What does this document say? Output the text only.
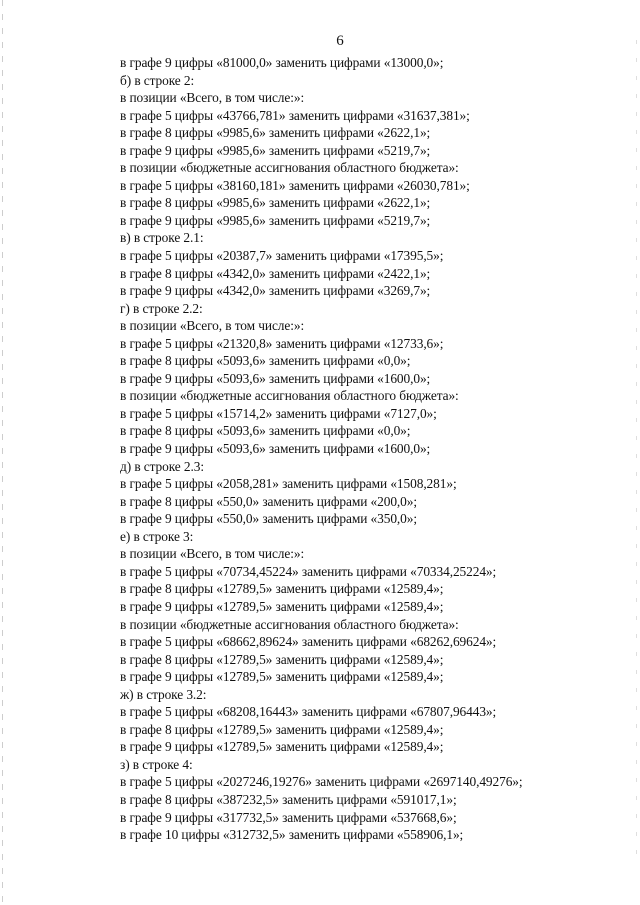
6
в графе 9 цифры «81000,0» заменить цифрами «13000,0»;
б) в строке 2:
в позиции «Всего, в том числе:»:
в графе 5 цифры «43766,781» заменить цифрами «31637,381»;
в графе 8 цифры «9985,6» заменить цифрами «2622,1»;
в графе 9 цифры «9985,6» заменить цифрами «5219,7»;
в позиции «бюджетные ассигнования областного бюджета»:
в графе 5 цифры «38160,181» заменить цифрами «26030,781»;
в графе 8 цифры «9985,6» заменить цифрами «2622,1»;
в графе 9 цифры «9985,6» заменить цифрами «5219,7»;
в) в строке 2.1:
в графе 5 цифры «20387,7» заменить цифрами «17395,5»;
в графе 8 цифры «4342,0» заменить цифрами «2422,1»;
в графе 9 цифры «4342,0» заменить цифрами «3269,7»;
г) в строке 2.2:
в позиции «Всего, в том числе:»:
в графе 5 цифры «21320,8» заменить цифрами «12733,6»;
в графе 8 цифры «5093,6» заменить цифрами «0,0»;
в графе 9 цифры «5093,6» заменить цифрами «1600,0»;
в позиции «бюджетные ассигнования областного бюджета»:
в графе 5 цифры «15714,2» заменить цифрами «7127,0»;
в графе 8 цифры «5093,6» заменить цифрами «0,0»;
в графе 9 цифры «5093,6» заменить цифрами «1600,0»;
д) в строке 2.3:
в графе 5 цифры «2058,281» заменить цифрами «1508,281»;
в графе 8 цифры «550,0» заменить цифрами «200,0»;
в графе 9 цифры «550,0» заменить цифрами «350,0»;
е) в строке 3:
в позиции «Всего, в том числе:»:
в графе 5 цифры «70734,45224» заменить цифрами «70334,25224»;
в графе 8 цифры «12789,5» заменить цифрами «12589,4»;
в графе 9 цифры «12789,5» заменить цифрами «12589,4»;
в позиции «бюджетные ассигнования областного бюджета»:
в графе 5 цифры «68662,89624» заменить цифрами «68262,69624»;
в графе 8 цифры «12789,5» заменить цифрами «12589,4»;
в графе 9 цифры «12789,5» заменить цифрами «12589,4»;
ж) в строке 3.2:
в графе 5 цифры «68208,16443» заменить цифрами «67807,96443»;
в графе 8 цифры «12789,5» заменить цифрами «12589,4»;
в графе 9 цифры «12789,5» заменить цифрами «12589,4»;
з) в строке 4:
в графе 5 цифры «2027246,19276» заменить цифрами «2697140,49276»;
в графе 8 цифры «387232,5» заменить цифрами «591017,1»;
в графе 9 цифры «317732,5» заменить цифрами «537668,6»;
в графе 10 цифры «312732,5» заменить цифрами «558906,1»;
